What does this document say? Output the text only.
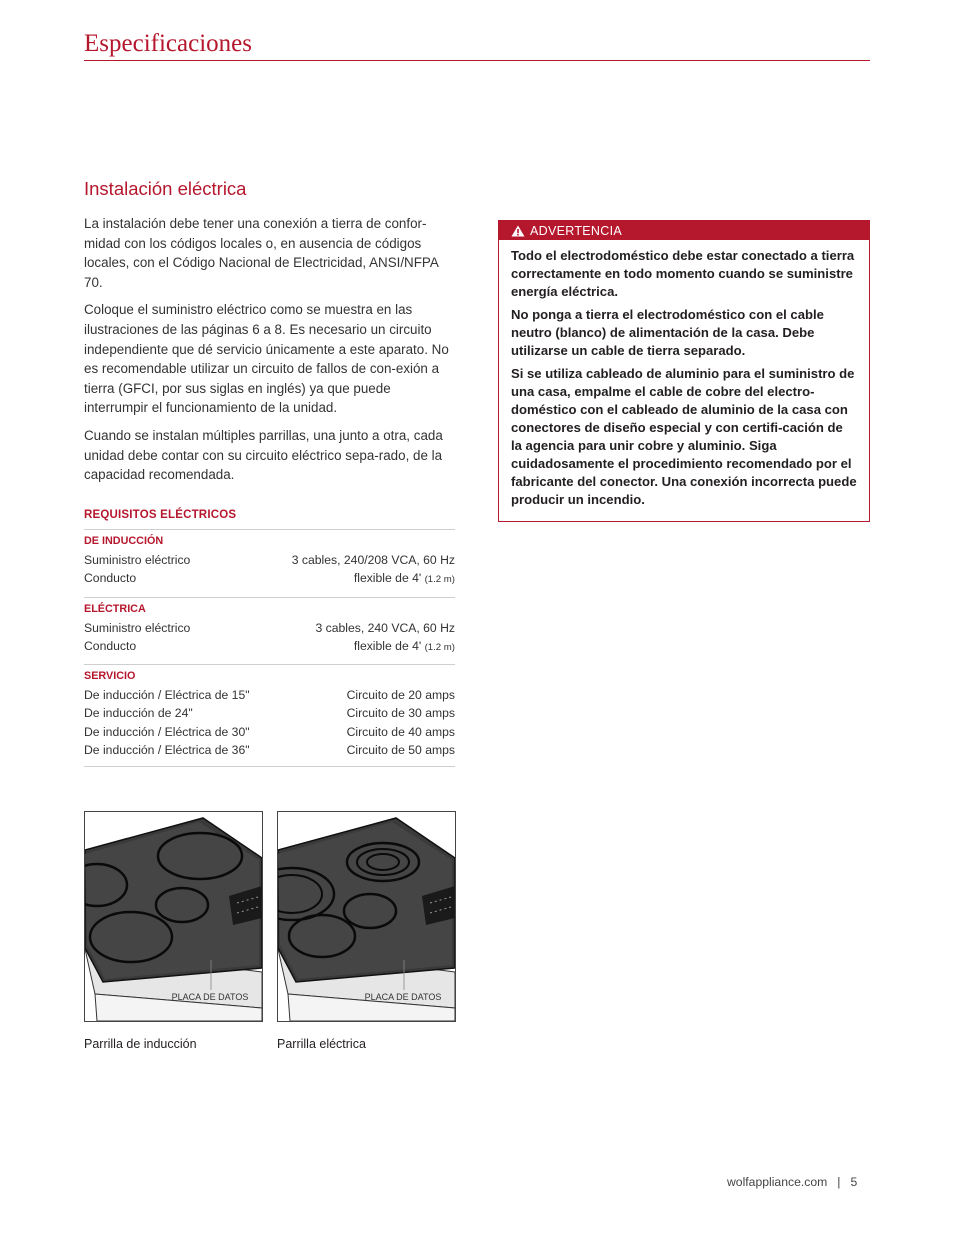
Especificaciones
Instalación eléctrica

La instalación debe tener una conexión a tierra de confor-midad con los códigos locales o, en ausencia de códigos locales, con el Código Nacional de Electricidad, ANSI/NFPA 70.

Coloque el suministro eléctrico como se muestra en las ilustraciones de las páginas 6 a 8. Es necesario un circuito independiente que dé servicio únicamente a este aparato. No es recomendable utilizar un circuito de fallos de con-exión a tierra (GFCI, por sus siglas en inglés) ya que puede interrumpir el funcionamiento de la unidad.

Cuando se instalan múltiples parrillas, una junto a otra, cada unidad debe contar con su circuito eléctrico sepa-rado, de la capacidad recomendada.

REQUISITOS ELÉCTRICOS
DE INDUCCIÓN
Suministro eléctrico	3 cables, 240/208 VCA, 60 Hz
Conducto	flexible de 4' (1.2 m)
ELÉCTRICA
Suministro eléctrico	3 cables, 240 VCA, 60 Hz
Conducto	flexible de 4' (1.2 m)
SERVICIO
De inducción / Eléctrica de 15"	Circuito de 20 amps
De inducción de 24"	Circuito de 30 amps
De inducción / Eléctrica de 30"	Circuito de 40 amps
De inducción / Eléctrica de 36"	Circuito de 50 amps
ADVERTENCIA

Todo el electrodoméstico debe estar conectado a tierra correctamente en todo momento cuando se suministre energía eléctrica.

No ponga a tierra el electrodoméstico con el cable neutro (blanco) de alimentación de la casa. Debe utilizarse un cable de tierra separado.

Si se utiliza cableado de aluminio para el suministro de una casa, empalme el cable de cobre del electro-doméstico con el cableado de aluminio de la casa con conectores de diseño especial y con certifi-cación de la agencia para unir cobre y aluminio. Siga cuidadosamente el procedimiento recomendado por el fabricante del conector. Una conexión incorrecta puede producir un incendio.

PLACA DE DATOS
Parrilla de inducción
PLACA DE DATOS
Parrilla eléctrica
wolfappliance.com | 5
